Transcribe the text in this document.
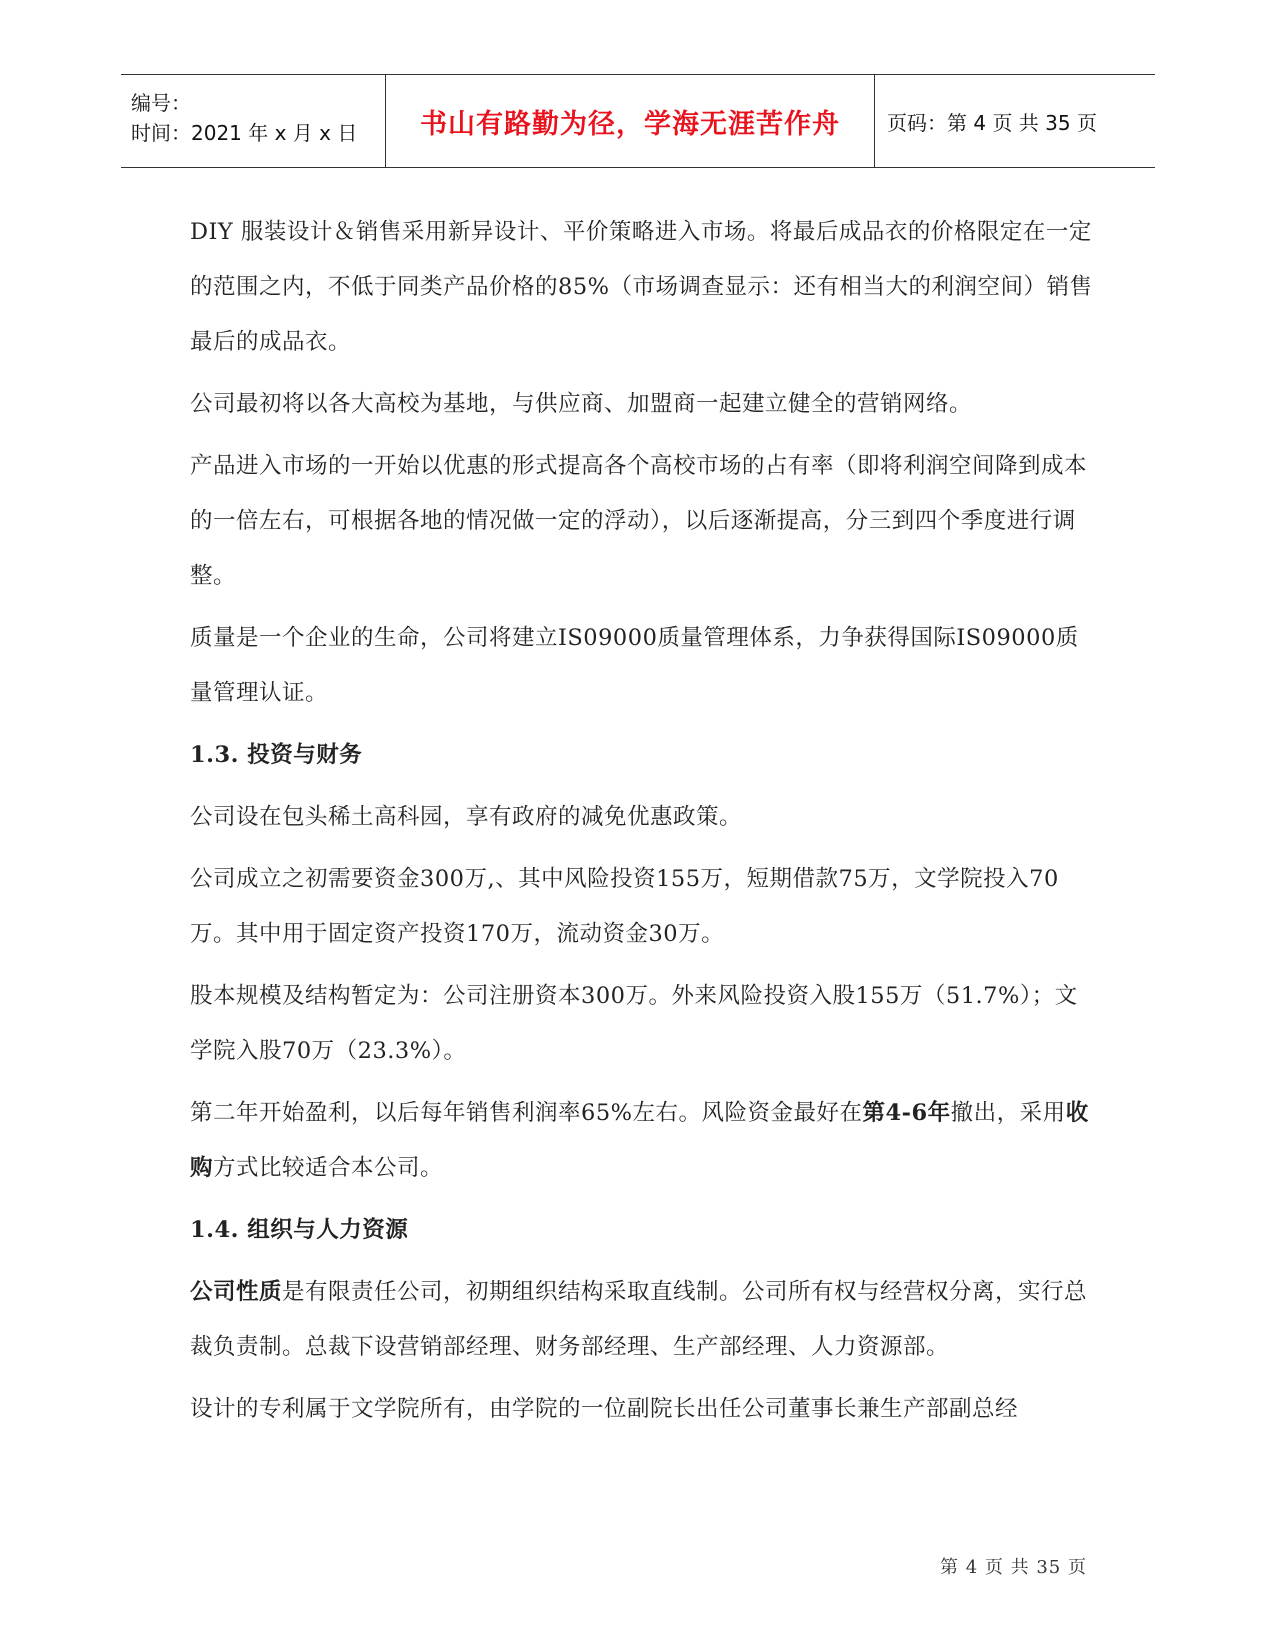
编号：
时间：2021 年 x 月 x 日	书山有路勤为径，学海无涯苦作舟	页码：第 4 页 共 35 页

DIY 服装设计＆销售采用新异设计、平价策略进入市场。将最后成品衣的价格限定在一定的范围之内，不低于同类产品价格的85%（市场调查显示：还有相当大的利润空间）销售最后的成品衣。

公司最初将以各大高校为基地，与供应商、加盟商一起建立健全的营销网络。

产品进入市场的一开始以优惠的形式提高各个高校市场的占有率（即将利润空间降到成本的一倍左右，可根据各地的情况做一定的浮动），以后逐渐提高，分三到四个季度进行调整。

质量是一个企业的生命，公司将建立IS09000质量管理体系，力争获得国际IS09000质量管理认证。

1.3. 投资与财务

公司设在包头稀土高科园，享有政府的减免优惠政策。

公司成立之初需要资金300万,、其中风险投资155万，短期借款75万，文学院投入70万。其中用于固定资产投资170万，流动资金30万。

股本规模及结构暂定为：公司注册资本300万。外来风险投资入股155万（51.7%）；文学院入股70万（23.3%）。

第二年开始盈利，以后每年销售利润率65%左右。风险资金最好在第4-6年撤出，采用收购方式比较适合本公司。

1.4. 组织与人力资源

公司性质是有限责任公司，初期组织结构采取直线制。公司所有权与经营权分离，实行总裁负责制。总裁下设营销部经理、财务部经理、生产部经理、人力资源部。

设计的专利属于文学院所有，由学院的一位副院长出任公司董事长兼生产部副总经

第 4 页 共 35 页
